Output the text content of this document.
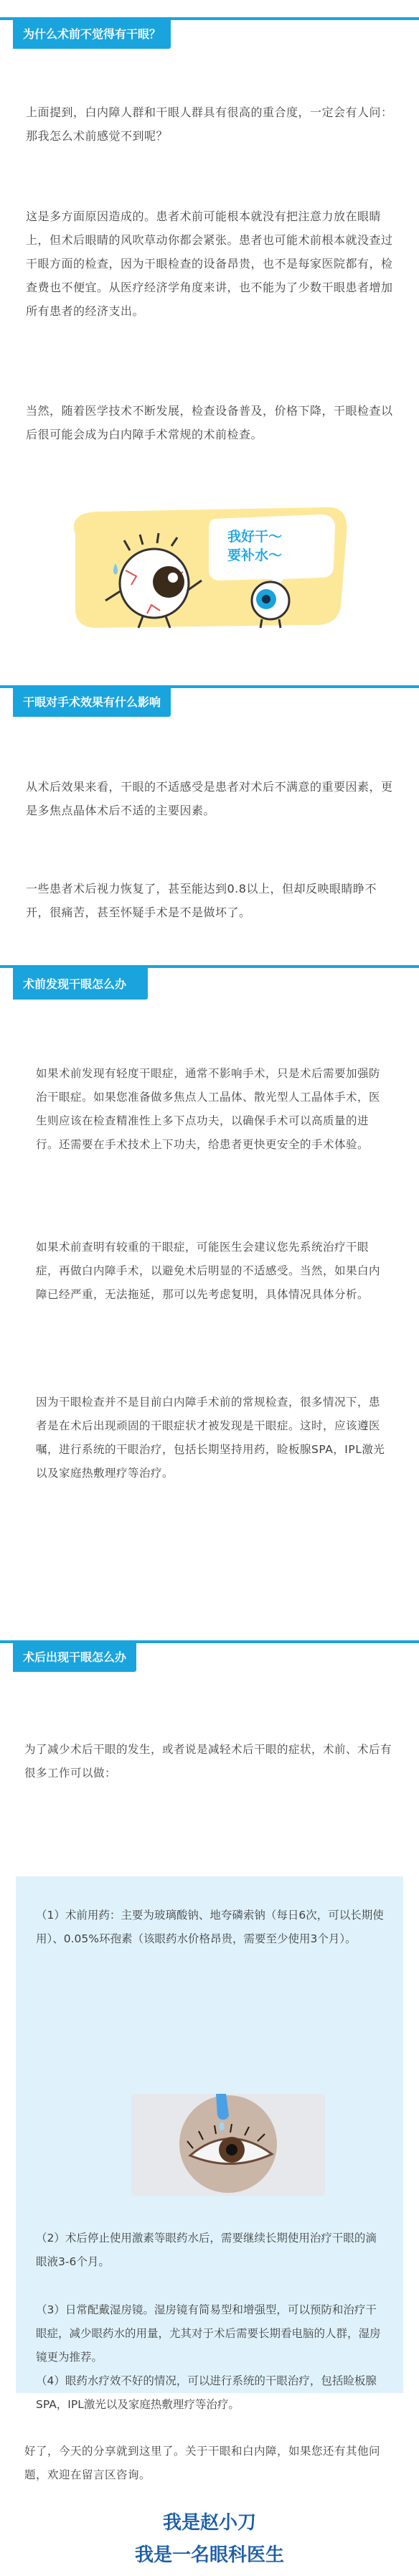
为什么术前不觉得有干眼？

上面提到，白内障人群和干眼人群具有很高的重合度，一定会有人问：那我怎么术前感觉不到呢？

这是多方面原因造成的。患者术前可能根本就没有把注意力放在眼睛上，但术后眼睛的风吹草动你都会紧张。患者也可能术前根本就没查过干眼方面的检查，因为干眼检查的设备昂贵，也不是每家医院都有，检查费也不便宜。从医疗经济学角度来讲，也不能为了少数干眼患者增加所有患者的经济支出。

当然，随着医学技术不断发展，检查设备普及，价格下降，干眼检查以后很可能会成为白内障手术常规的术前检查。

我好干～
要补水～
干眼对手术效果有什么影响

从术后效果来看，干眼的不适感受是患者对术后不满意的重要因素，更是多焦点晶体术后不适的主要因素。

一些患者术后视力恢复了，甚至能达到0.8以上，但却反映眼睛睁不开，很痛苦，甚至怀疑手术是不是做坏了。

术前发现干眼怎么办

如果术前发现有轻度干眼症，通常不影响手术，只是术后需要加强防治干眼症。如果您准备做多焦点人工晶体、散光型人工晶体手术，医生则应该在检查精准性上多下点功夫，以确保手术可以高质量的进行。还需要在手术技术上下功夫，给患者更快更安全的手术体验。

如果术前查明有较重的干眼症，可能医生会建议您先系统治疗干眼症，再做白内障手术，以避免术后明显的不适感受。当然，如果白内障已经严重，无法拖延，那可以先考虑复明，具体情况具体分析。

因为干眼检查并不是目前白内障手术前的常规检查，很多情况下，患者是在术后出现顽固的干眼症状才被发现是干眼症。这时，应该遵医嘱，进行系统的干眼治疗，包括长期坚持用药，睑板腺SPA，IPL激光以及家庭热敷理疗等治疗。

术后出现干眼怎么办

为了减少术后干眼的发生，或者说是减轻术后干眼的症状，术前、术后有很多工作可以做：

（1）术前用药：主要为玻璃酸钠、地夸磷索钠（每日6次，可以长期使用）、0.05%环孢素（该眼药水价格昂贵，需要至少使用3个月）。

（2）术后停止使用激素等眼药水后，需要继续长期使用治疗干眼的滴眼液3-6个月。

（3）日常配戴湿房镜。湿房镜有简易型和增强型，可以预防和治疗干眼症，减少眼药水的用量，尤其对于术后需要长期看电脑的人群，湿房镜更为推荐。

（4）眼药水疗效不好的情况，可以进行系统的干眼治疗，包括睑板腺SPA，IPL激光以及家庭热敷理疗等治疗。

好了，今天的分享就到这里了。关于干眼和白内障，如果您还有其他问题，欢迎在留言区咨询。

我是赵小刀
我是一名眼科医生
